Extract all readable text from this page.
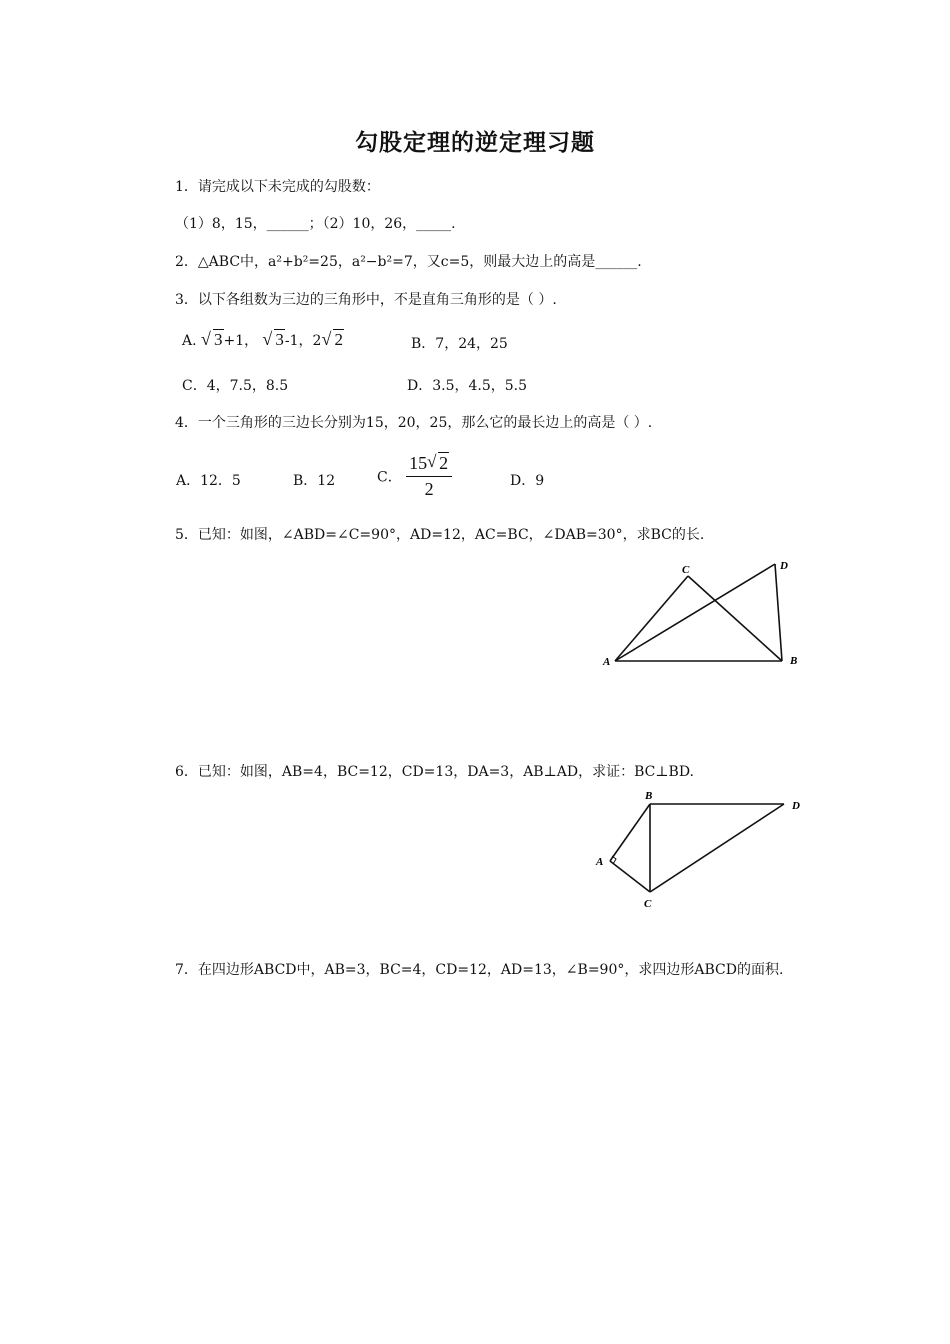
勾股定理的逆定理习题
1．请完成以下未完成的勾股数：
（1）8，15，______；（2）10，26，_____.
2．△ABC中，a²+b²=25，a²−b²=7，又c=5，则最大边上的高是______.
3．以下各组数为三边的三角形中，不是直角三角形的是（ ）.
A. √ 3+1， √ 3-1，2 √ 2	B．7，24，25
C．4，7.5，8.5	D．3.5，4.5，5.5
4．一个三角形的三边长分别为15，20，25，那么它的最长边上的高是（ ）.
A．12．5	B．12	C． $\frac{15 √ 2}{2}$	D．9
5．已知：如图，∠ABD=∠C=90°，AD=12，AC=BC，∠DAB=30°，求BC的长.
A	B
C	D
6．已知：如图，AB=4，BC=12，CD=13，DA=3，AB⊥AD，求证：BC⊥BD.
B
D
A
C
7．在四边形ABCD中，AB=3，BC=4，CD=12，AD=13，∠B=90°，求四边形ABCD的面积.
